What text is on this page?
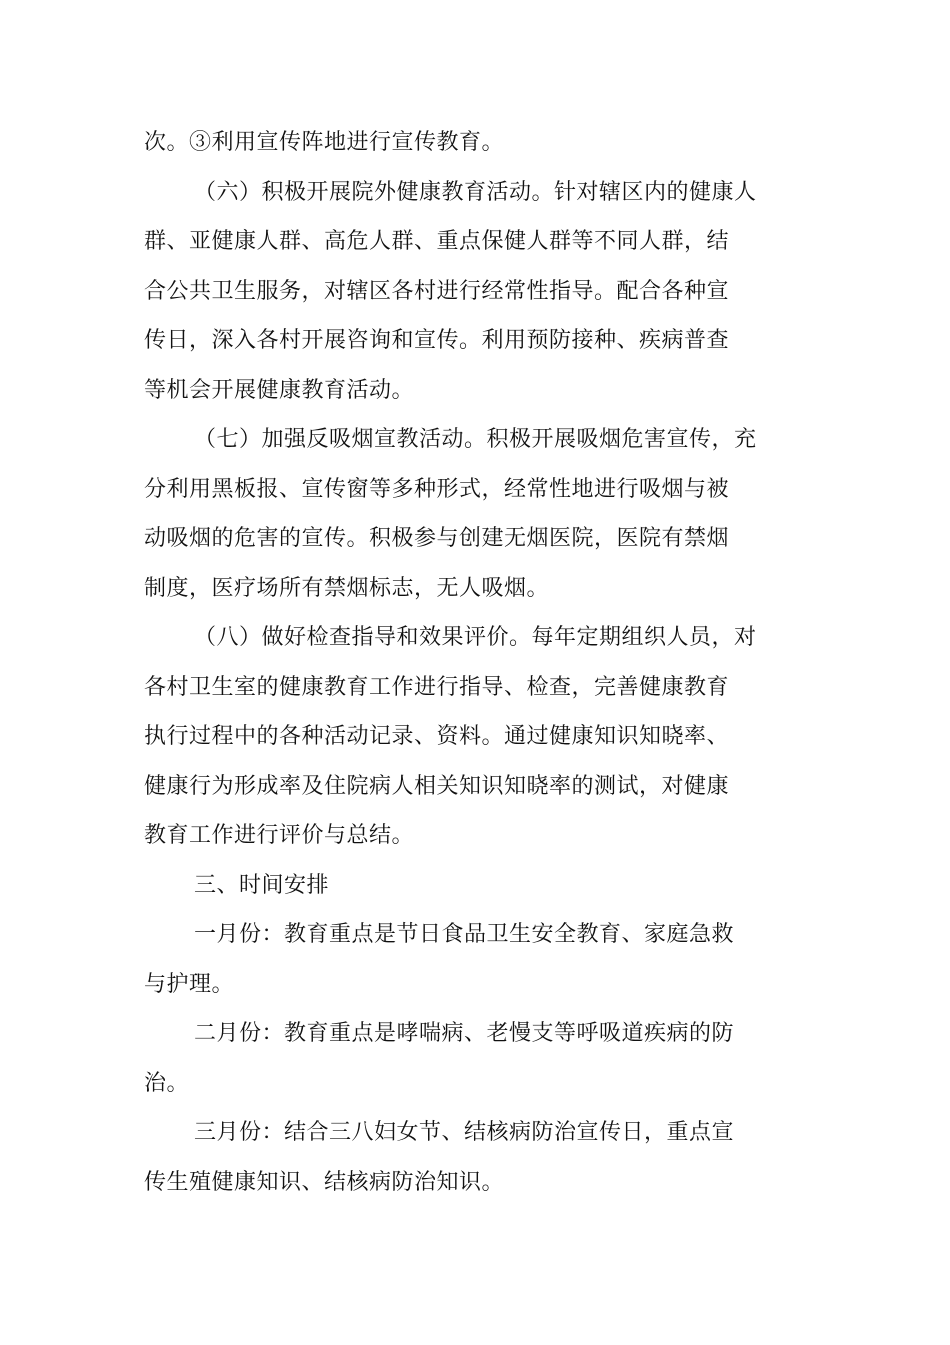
次。③利用宣传阵地进行宣传教育。
（六）积极开展院外健康教育活动。针对辖区内的健康人
群、亚健康人群、高危人群、重点保健人群等不同人群，结
合公共卫生服务，对辖区各村进行经常性指导。配合各种宣
传日，深入各村开展咨询和宣传。利用预防接种、疾病普查
等机会开展健康教育活动。
（七）加强反吸烟宣教活动。积极开展吸烟危害宣传，充
分利用黑板报、宣传窗等多种形式，经常性地进行吸烟与被
动吸烟的危害的宣传。积极参与创建无烟医院，医院有禁烟
制度，医疗场所有禁烟标志，无人吸烟。
（八）做好检查指导和效果评价。每年定期组织人员，对
各村卫生室的健康教育工作进行指导、检查，完善健康教育
执行过程中的各种活动记录、资料。通过健康知识知晓率、
健康行为形成率及住院病人相关知识知晓率的测试，对健康
教育工作进行评价与总结。
三、时间安排
一月份：教育重点是节日食品卫生安全教育、家庭急救
与护理。
二月份：教育重点是哮喘病、老慢支等呼吸道疾病的防
治。
三月份：结合三八妇女节、结核病防治宣传日，重点宣
传生殖健康知识、结核病防治知识。
